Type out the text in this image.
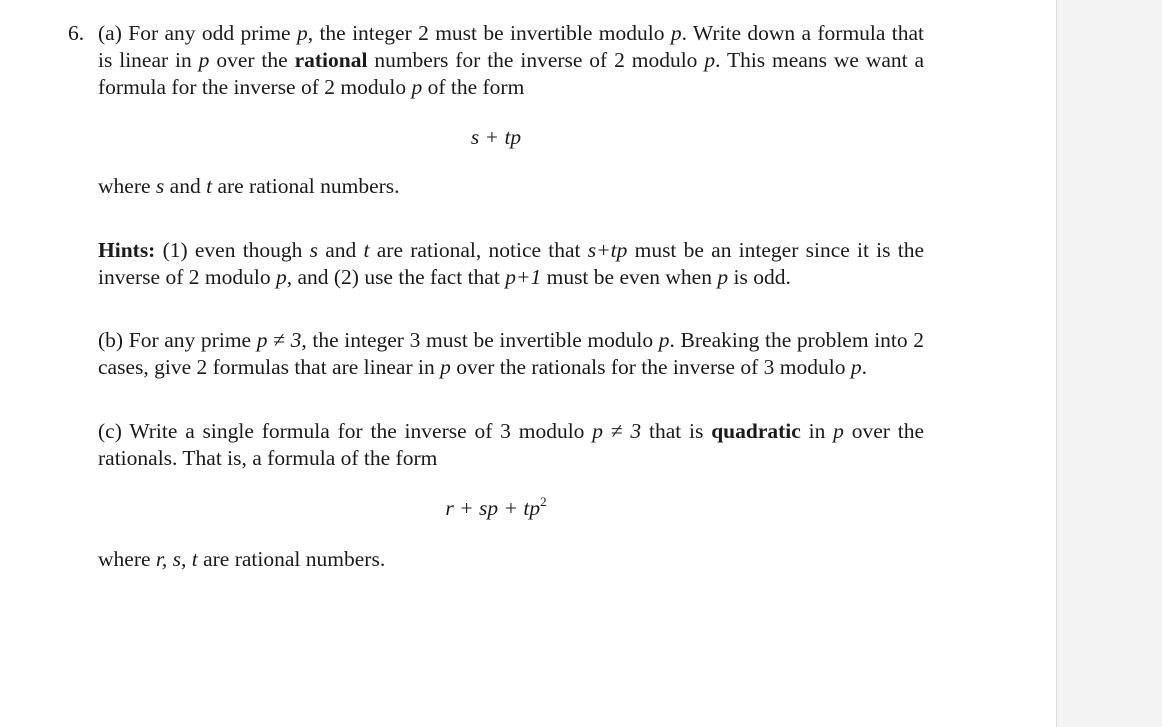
6. (a) For any odd prime p, the integer 2 must be invertible modulo p. Write down a formula that is linear in p over the rational numbers for the inverse of 2 modulo p. This means we want a formula for the inverse of 2 modulo p of the form

s + tp

where s and t are rational numbers.

Hints: (1) even though s and t are rational, notice that s+tp must be an integer since it is the inverse of 2 modulo p, and (2) use the fact that p+1 must be even when p is odd.

(b) For any prime p ≠ 3, the integer 3 must be invertible modulo p. Breaking the problem into 2 cases, give 2 formulas that are linear in p over the rationals for the inverse of 3 modulo p.

(c) Write a single formula for the inverse of 3 modulo p ≠ 3 that is quadratic in p over the rationals. That is, a formula of the form

r + sp + $tp^2$

where r, s, t are rational numbers.
